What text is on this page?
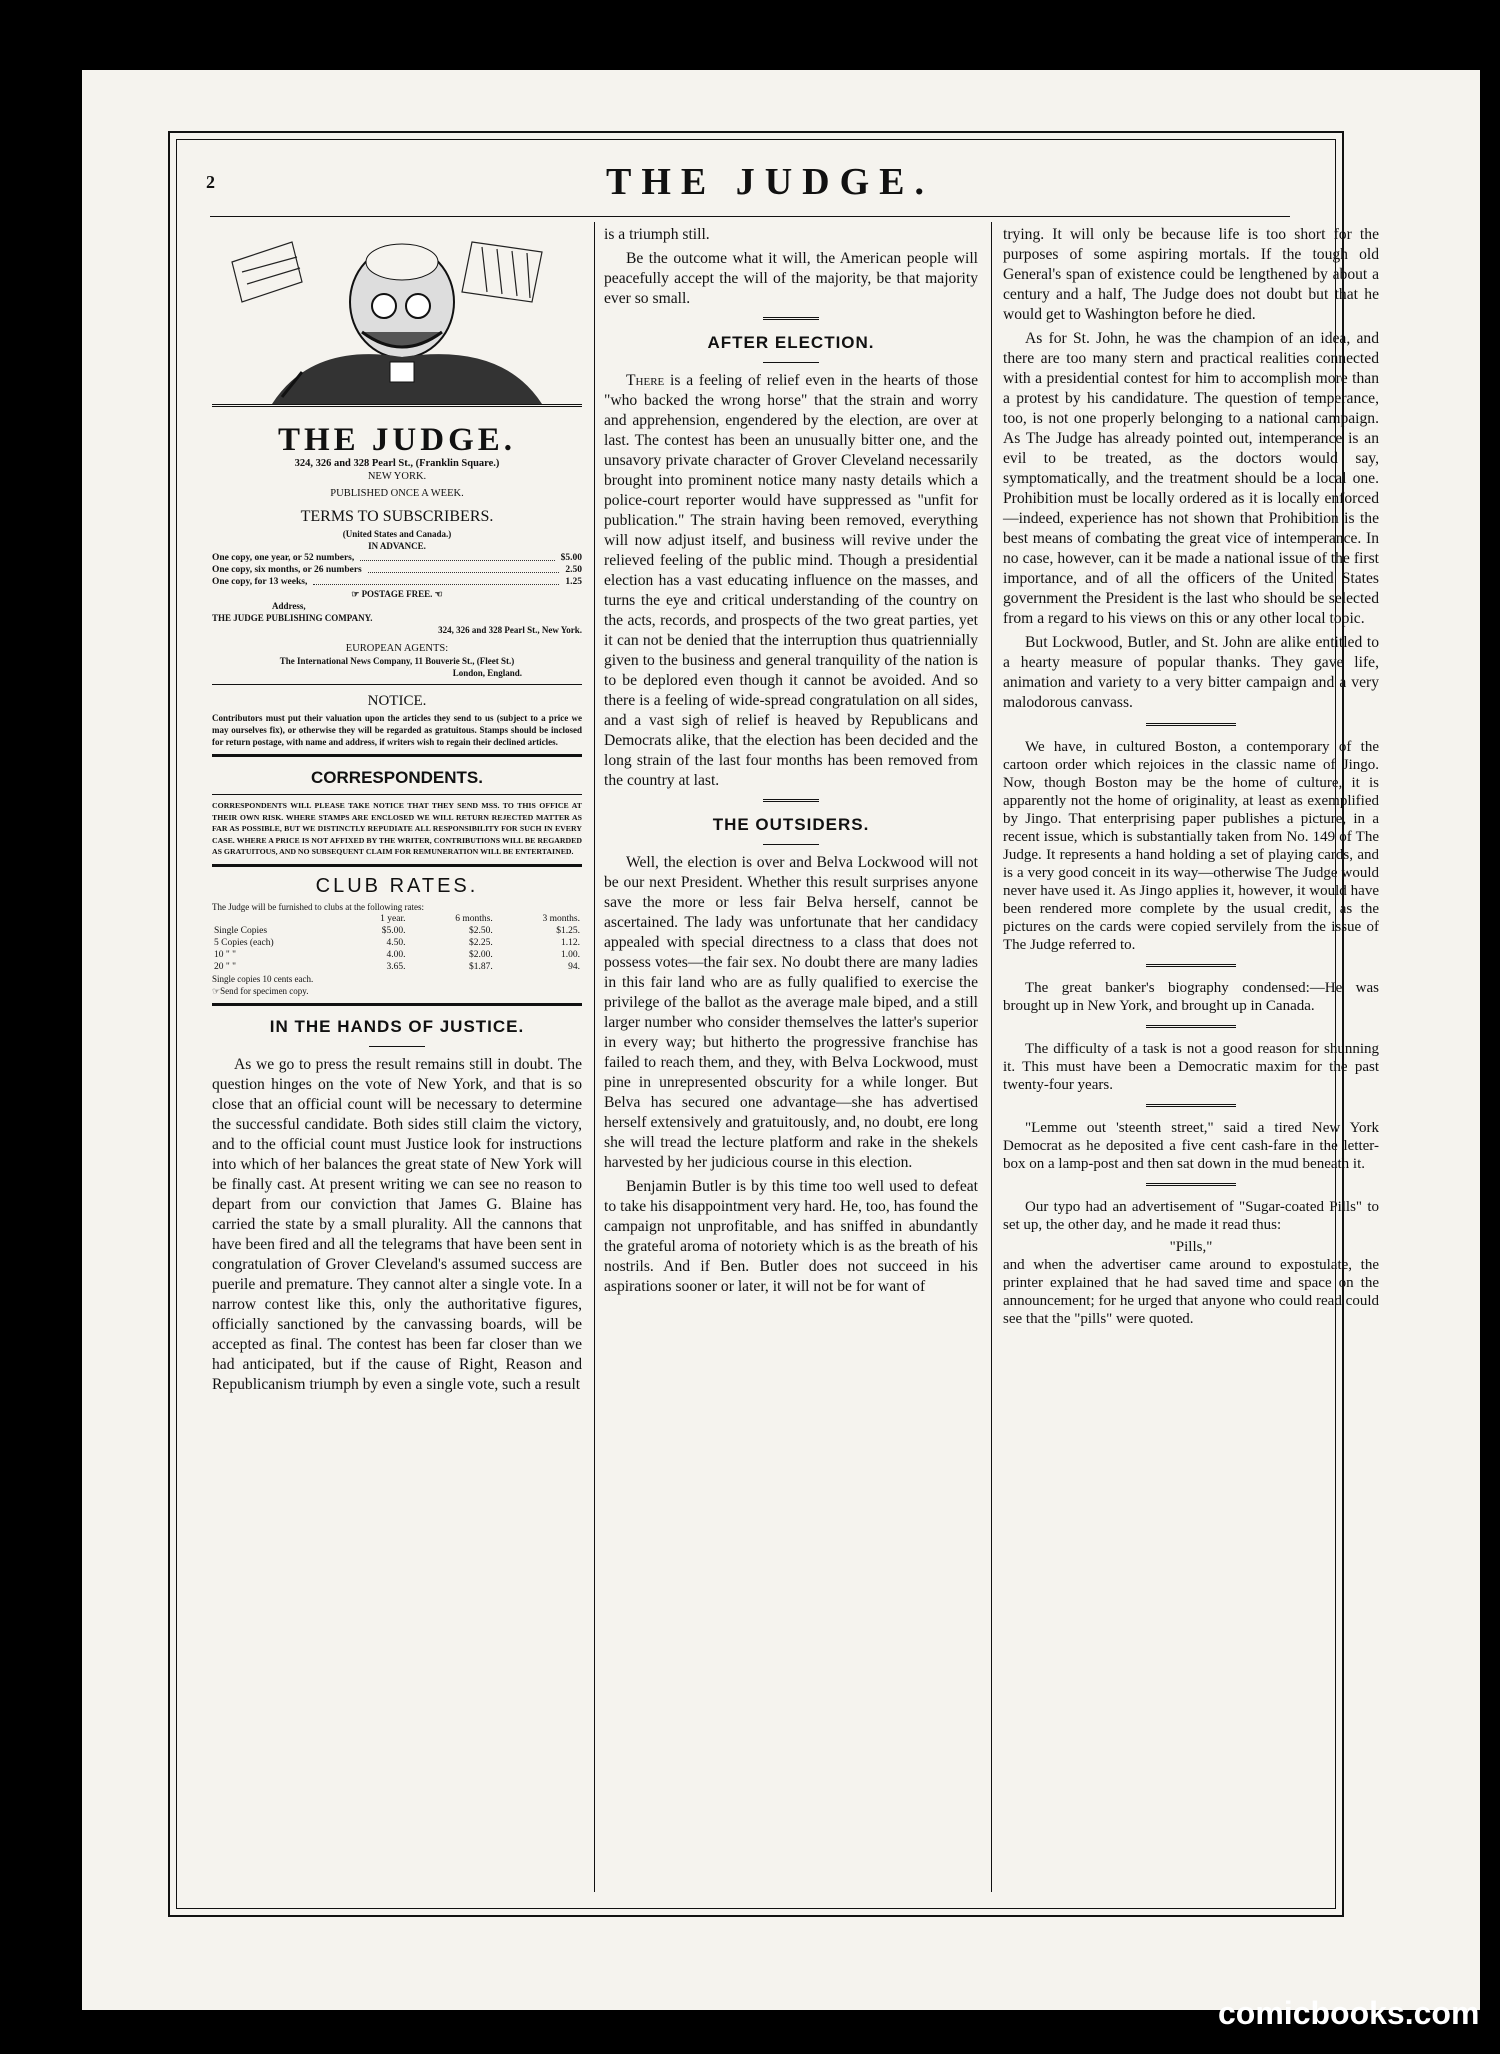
2	THE JUDGE.
THE JUDGE.
324, 326 and 328 Pearl St., (Franklin Square.)
NEW YORK.
PUBLISHED ONCE A WEEK.
TERMS TO SUBSCRIBERS.
(United States and Canada.)
IN ADVANCE.
One copy, one year, or 52 numbers,	$5.00
One copy, six months, or 26 numbers	2.50
One copy, for 13 weeks,	1.25
☞ POSTAGE FREE. ☜
Address,
THE JUDGE PUBLISHING COMPANY.
324, 326 and 328 Pearl St., New York.
EUROPEAN AGENTS:
The International News Company, 11 Bouverie St., (Fleet St.)
London, England.
NOTICE.
Contributors must put their valuation upon the articles they send to us (subject to a price we may ourselves fix), or otherwise they will be regarded as gratuitous. Stamps should be inclosed for return postage, with name and address, if writers wish to regain their declined articles.
CORRESPONDENTS.
CORRESPONDENTS WILL PLEASE TAKE NOTICE THAT THEY SEND MSS. TO THIS OFFICE AT THEIR OWN RISK. WHERE STAMPS ARE ENCLOSED WE WILL RETURN REJECTED MATTER AS FAR AS POSSIBLE, BUT WE DISTINCTLY REPUDIATE ALL RESPONSIBILITY FOR SUCH IN EVERY CASE. WHERE A PRICE IS NOT AFFIXED BY THE WRITER, CONTRIBUTIONS WILL BE REGARDED AS GRATUITOUS, AND NO SUBSEQUENT CLAIM FOR REMUNERATION WILL BE ENTERTAINED.
CLUB RATES.
The Judge will be furnished to clubs at the following rates:
	1 year.	6 months.	3 months.
Single Copies	$5.00.	$2.50.	$1.25.
5 Copies (each)	4.50.	$2.25.	1.12.
10 " "	4.00.	$2.00.	1.00.
20 " "	3.65.	$1.87.	94.
Single copies 10 cents each.
☞Send for specimen copy.
IN THE HANDS OF JUSTICE.

As we go to press the result remains still in doubt. The question hinges on the vote of New York, and that is so close that an official count will be necessary to determine the successful candidate. Both sides still claim the victory, and to the official count must Justice look for instructions into which of her balances the great state of New York will be finally cast. At present writing we can see no reason to depart from our conviction that James G. Blaine has carried the state by a small plurality. All the cannons that have been fired and all the telegrams that have been sent in congratulation of Grover Cleveland's assumed success are puerile and premature. They cannot alter a single vote. In a narrow contest like this, only the authoritative figures, officially sanctioned by the canvassing boards, will be accepted as final. The contest has been far closer than we had anticipated, but if the cause of Right, Reason and Republicanism triumph by even a single vote, such a result

is a triumph still.

Be the outcome what it will, the American people will peacefully accept the will of the majority, be that majority ever so small.

AFTER ELECTION.

There is a feeling of relief even in the hearts of those "who backed the wrong horse" that the strain and worry and apprehension, engendered by the election, are over at last. The contest has been an unusually bitter one, and the unsavory private character of Grover Cleveland necessarily brought into prominent notice many nasty details which a police-court reporter would have suppressed as "unfit for publication." The strain having been removed, everything will now adjust itself, and business will revive under the relieved feeling of the public mind. Though a presidential election has a vast educating influence on the masses, and turns the eye and critical understanding of the country on the acts, records, and prospects of the two great parties, yet it can not be denied that the interruption thus quatriennially given to the business and general tranquility of the nation is to be deplored even though it cannot be avoided. And so there is a feeling of wide-spread congratulation on all sides, and a vast sigh of relief is heaved by Republicans and Democrats alike, that the election has been decided and the long strain of the last four months has been removed from the country at last.

THE OUTSIDERS.

Well, the election is over and Belva Lockwood will not be our next President. Whether this result surprises anyone save the more or less fair Belva herself, cannot be ascertained. The lady was unfortunate that her candidacy appealed with special directness to a class that does not possess votes—the fair sex. No doubt there are many ladies in this fair land who are as fully qualified to exercise the privilege of the ballot as the average male biped, and a still larger number who consider themselves the latter's superior in every way; but hitherto the progressive franchise has failed to reach them, and they, with Belva Lockwood, must pine in unrepresented obscurity for a while longer. But Belva has secured one advantage—she has advertised herself extensively and gratuitously, and, no doubt, ere long she will tread the lecture platform and rake in the shekels harvested by her judicious course in this election.

Benjamin Butler is by this time too well used to defeat to take his disappointment very hard. He, too, has found the campaign not unprofitable, and has sniffed in abundantly the grateful aroma of notoriety which is as the breath of his nostrils. And if Ben. Butler does not succeed in his aspirations sooner or later, it will not be for want of

trying. It will only be because life is too short for the purposes of some aspiring mortals. If the tough old General's span of existence could be lengthened by about a century and a half, The Judge does not doubt but that he would get to Washington before he died.

As for St. John, he was the champion of an idea, and there are too many stern and practical realities connected with a presidential contest for him to accomplish more than a protest by his candidature. The question of temperance, too, is not one properly belonging to a national campaign. As The Judge has already pointed out, intemperance is an evil to be treated, as the doctors would say, symptomatically, and the treatment should be a local one. Prohibition must be locally ordered as it is locally enforced—indeed, experience has not shown that Prohibition is the best means of combating the great vice of intemperance. In no case, however, can it be made a national issue of the first importance, and of all the officers of the United States government the President is the last who should be selected from a regard to his views on this or any other local topic.

But Lockwood, Butler, and St. John are alike entitled to a hearty measure of popular thanks. They gave life, animation and variety to a very bitter campaign and a very malodorous canvass.

We have, in cultured Boston, a contemporary of the cartoon order which rejoices in the classic name of Jingo. Now, though Boston may be the home of culture, it is apparently not the home of originality, at least as exemplified by Jingo. That enterprising paper publishes a picture, in a recent issue, which is substantially taken from No. 149 of The Judge. It represents a hand holding a set of playing cards, and is a very good conceit in its way—otherwise The Judge would never have used it. As Jingo applies it, however, it would have been rendered more complete by the usual credit, as the pictures on the cards were copied servilely from the issue of The Judge referred to.

The great banker's biography condensed:—He was brought up in New York, and brought up in Canada.

The difficulty of a task is not a good reason for shunning it. This must have been a Democratic maxim for the past twenty-four years.

"Lemme out 'steenth street," said a tired New York Democrat as he deposited a five cent cash-fare in the letter-box on a lamp-post and then sat down in the mud beneath it.

Our typo had an advertisement of "Sugar-coated Pills" to set up, the other day, and he made it read thus:

"Pills,"

and when the advertiser came around to expostulate, the printer explained that he had saved time and space on the announcement; for he urged that anyone who could read could see that the "pills" were quoted.

comicbooks.com
